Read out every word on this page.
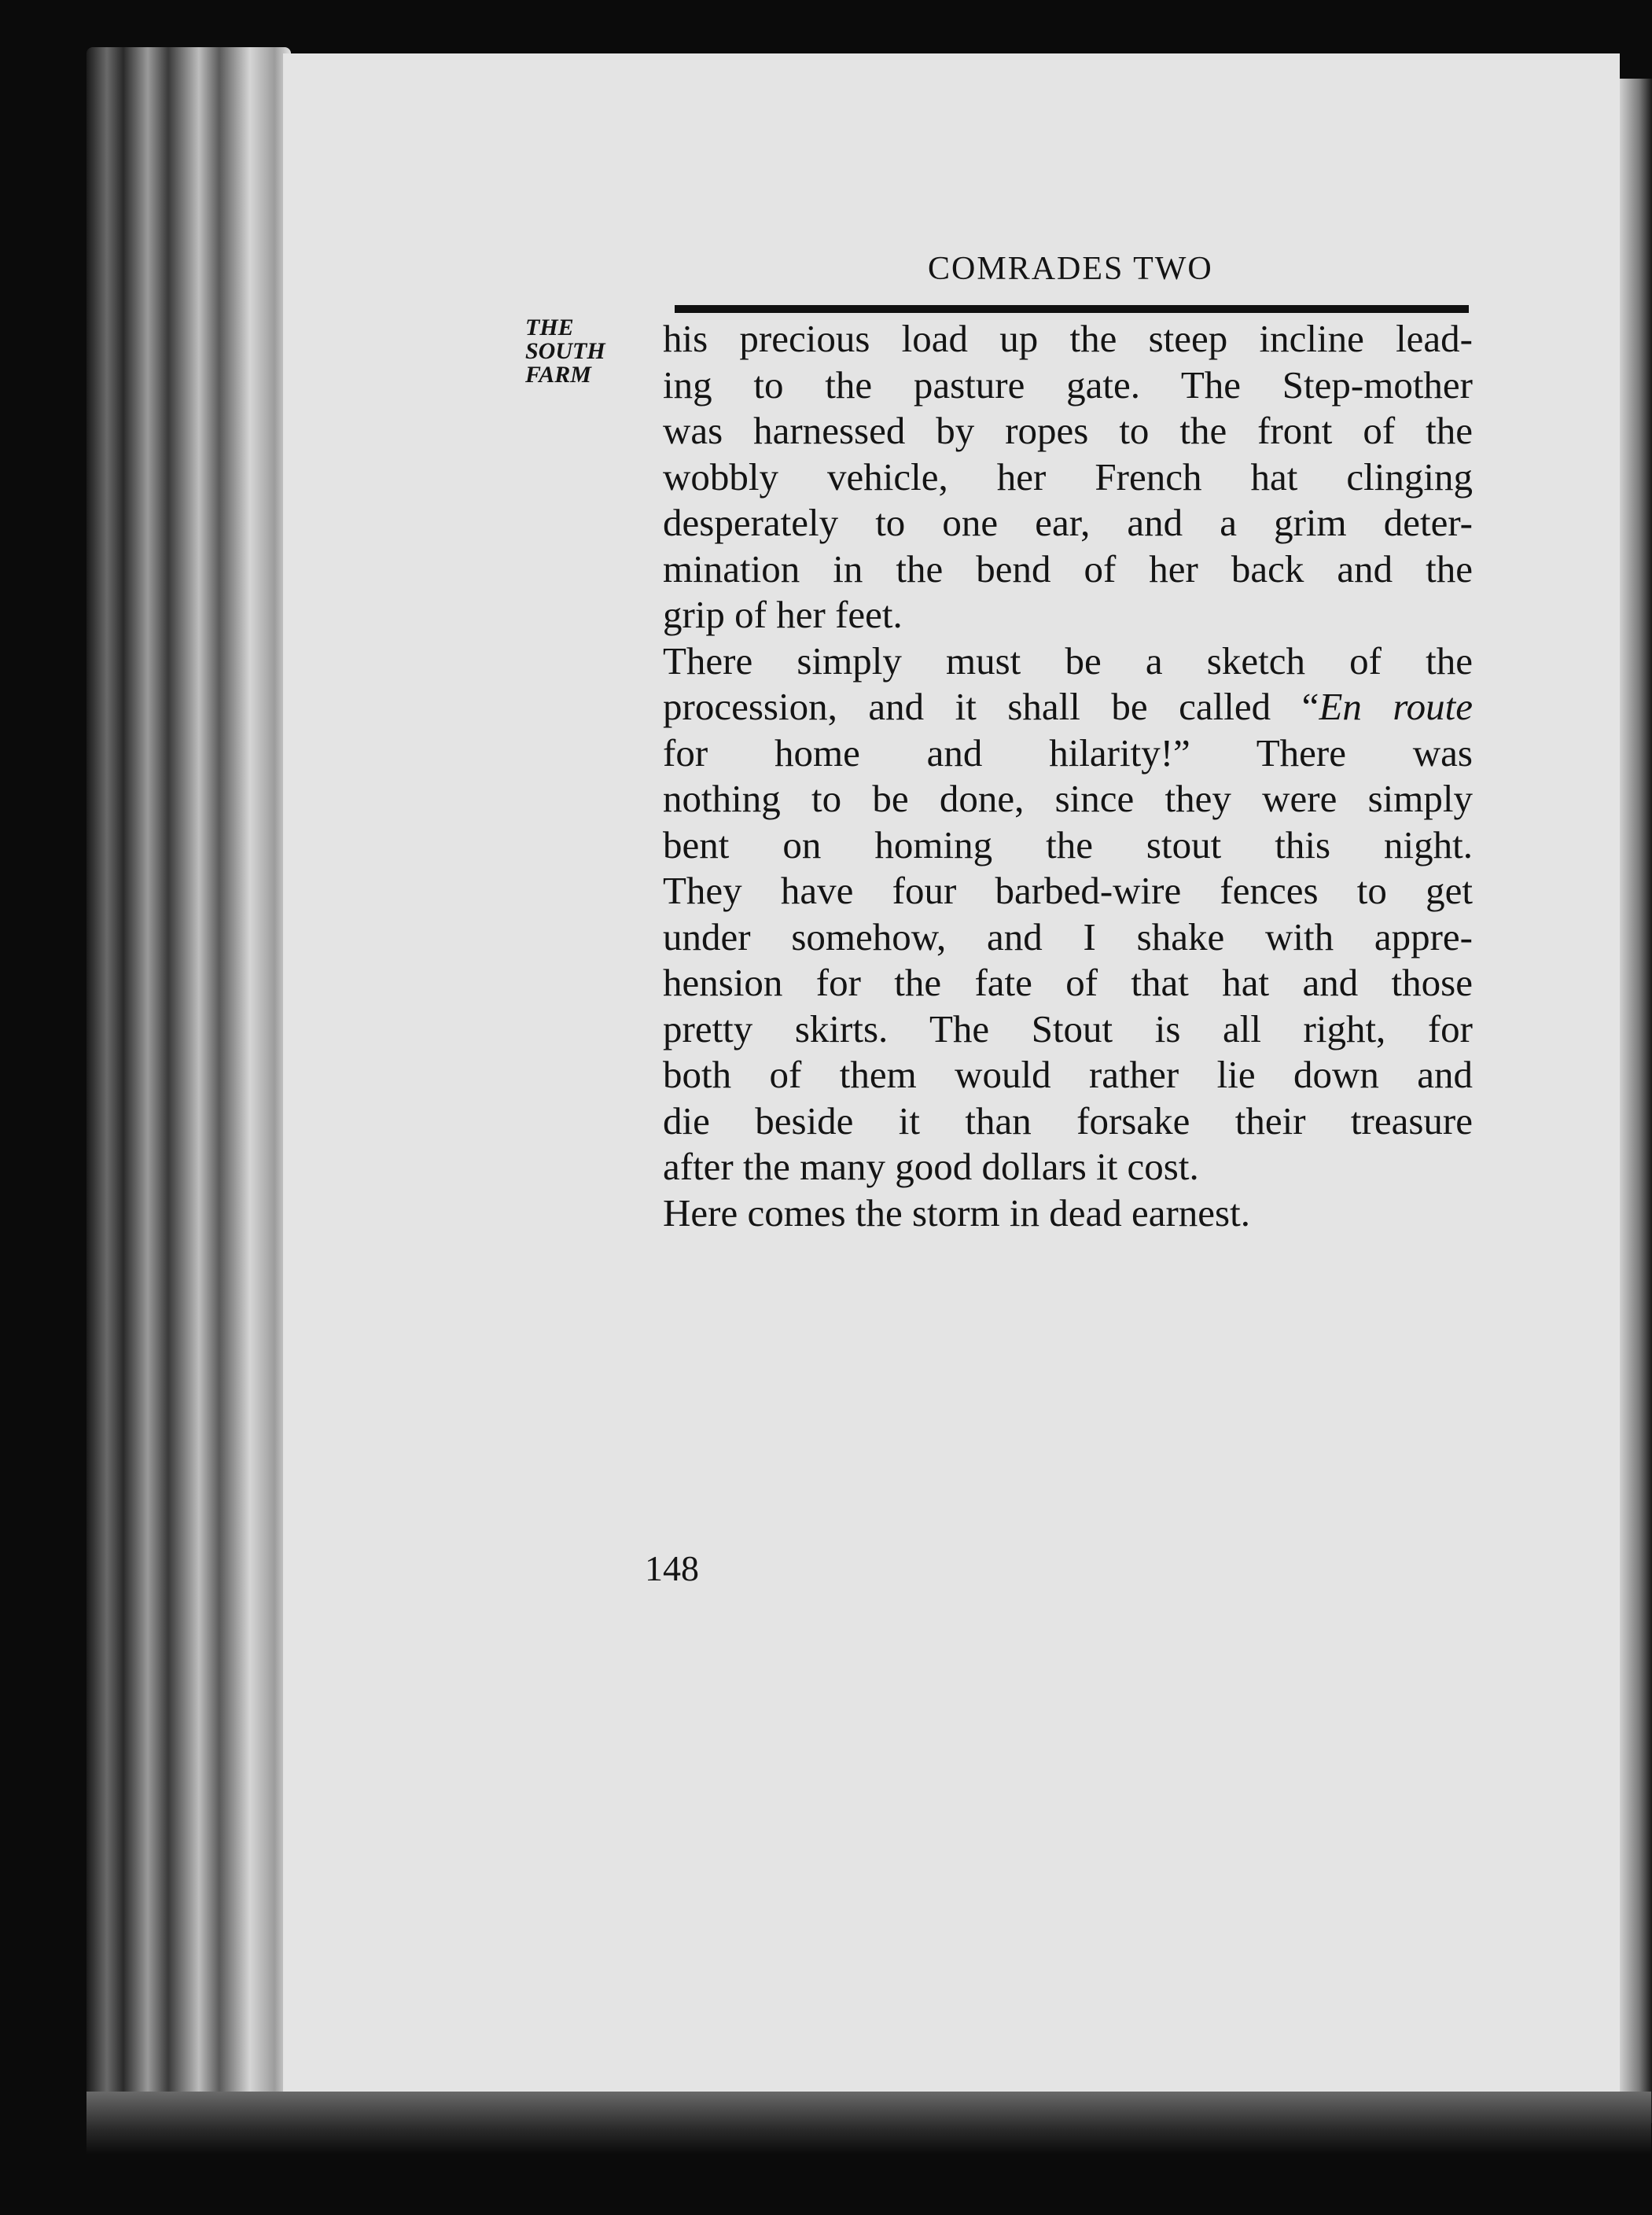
COMRADES TWO
THE
SOUTH
FARM
his precious load up the steep incline lead-
ing to the pasture gate. The Step-mother
was harnessed by ropes to the front of the
wobbly vehicle, her French hat clinging
desperately to one ear, and a grim deter-
mination in the bend of her back and the
grip of her feet.
There simply must be a sketch of the
procession, and it shall be called “En route
for home and hilarity!” There was
nothing to be done, since they were simply
bent on homing the stout this night.
They have four barbed-wire fences to get
under somehow, and I shake with appre-
hension for the fate of that hat and those
pretty skirts. The Stout is all right, for
both of them would rather lie down and
die beside it than forsake their treasure
after the many good dollars it cost.
Here comes the storm in dead earnest.
148
